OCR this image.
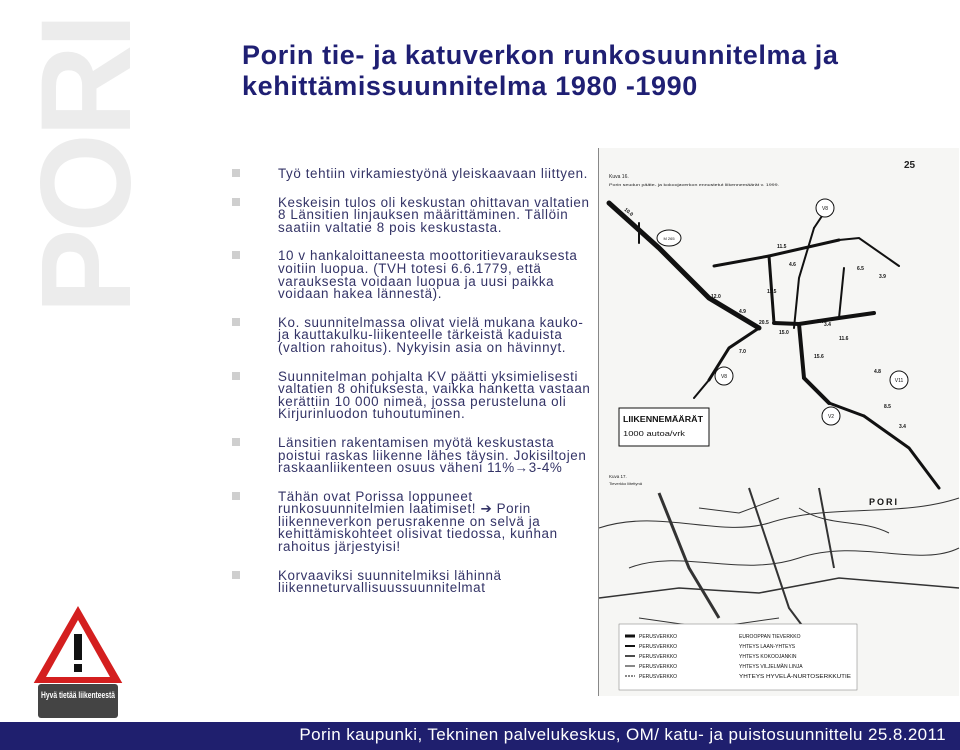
PORI
Hyvä tietää liikenteestä
Porin tie- ja katuverkon runkosuunnitelma ja kehittämissuunnitelma 1980 -1990
Työ tehtiin virkamiestyönä yleiskaavaan liittyen.
Keskeisin tulos oli keskustan ohittavan valtatien 8 Länsitien linjauksen määrittäminen. Tällöin saatiin valtatie 8 pois keskustasta.
10 v hankaloittaneesta moottoritievarauksesta voitiin luopua. (TVH totesi 6.6.1779, että varauksesta voidaan luopua ja uusi paikka voidaan hakea lännestä).
Ko. suunnitelmassa olivat vielä mukana kauko- ja kauttakulku-liikenteelle tärkeistä kaduista (valtion rahoitus). Nykyisin asia on hävinnyt.
Suunnitelman pohjalta KV päätti yksimielisesti valtatien 8 ohituksesta, vaikka hanketta vastaan kerättiin 10 000 nimeä, jossa perusteluna oli Kirjurinluodon tuhoutuminen.
Länsitien rakentamisen myötä keskustasta poistui raskas liikenne lähes täysin. Jokisiltojen raskaanliikenteen osuus väheni 11%→3-4%
Tähän ovat Porissa loppuneet runkosuunnitelmien laatimiset! ➔ Porin liikenneverkon perusrakenne on selvä ja kehittämiskohteet olisivat tiedossa, kunhan rahoitus järjestyisi!
Korvaaviksi suunnitelmiksi lähinnä liikenneturvallisuussuunnitelmat
25
Kuva 16.
Porin seudun pääte- ja kokoojaverkon ennustetut liikennemäärät v. 1999.
V8
V2
V8
V11
M 265
10.0
11.5
4.6
6.5
3.9
12.0
11.5
4.9
20.5
15.0
15.6
7.0
3.4
11.6
9.0
8.5
4.8
3.4
LIIKENNEMÄÄRÄT
1000 autoa/vrk
Kuva 17.
Tieverkko liitettynä
PORI
PERUSVERKKO
PERUSVERKKO
PERUSVERKKO
PERUSVERKKO
PERUSVERKKO
EUROOPPAN TIEVERKKO
YHTEYS LAAN-YHTEYS
YHTEYS KOKOOJANKIN
YHTEYS VILJELMÄN LINJA
YHTEYS HYVELÄ-NURTOSERKKUTIE
Porin kaupunki, Tekninen palvelukeskus, OM/ katu- ja puistosuunnittelu 25.8.2011
